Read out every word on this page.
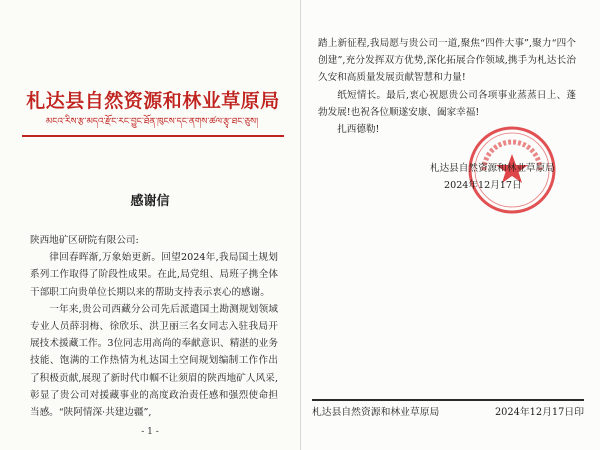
札达县自然资源和林业草原局
མངའ་རིས་རྩ་མདའ་རྫོང་རང་བྱུང་ཐོན་ཁུངས་དང་ནགས་ཚལ་རྩྭ་ཐང་ཅུས།
感谢信

陕西地矿区研院有限公司:

律回春晖渐,万象始更新。回望2024年,我局国土规划系列工作取得了阶段性成果。在此,局党组、局班子携全体干部职工向贵单位长期以来的帮助支持表示衷心的感谢。

一年来,贵公司西藏分公司先后派遣国土勘测规划领域专业人员薛羽梅、徐欣乐、洪卫丽三名女同志入驻我局开展技术援藏工作。3位同志用高尚的奉献意识、精湛的业务技能、饱满的工作热情为札达国土空间规划编制工作作出了积极贡献,展现了新时代巾帼不让须眉的陕西地矿人风采,彰显了贵公司对援藏事业的高度政治责任感和强烈使命担当感。“陕阿情深·共建边疆”,

- 1 -

踏上新征程,我局愿与贵公司一道,聚焦“四件大事”,聚力“四个创建”,充分发挥双方优势,深化拓展合作领域,携手为札达长治久安和高质量发展贡献智慧和力量!

纸短情长。最后,衷心祝愿贵公司各项事业蒸蒸日上、蓬勃发展!也祝各位顺遂安康、阖家幸福!

扎西德勒!

札达县自然资源和林业草原局
2024年12月17日
札达县自然资源和林业草原局	2024年12月17日印
